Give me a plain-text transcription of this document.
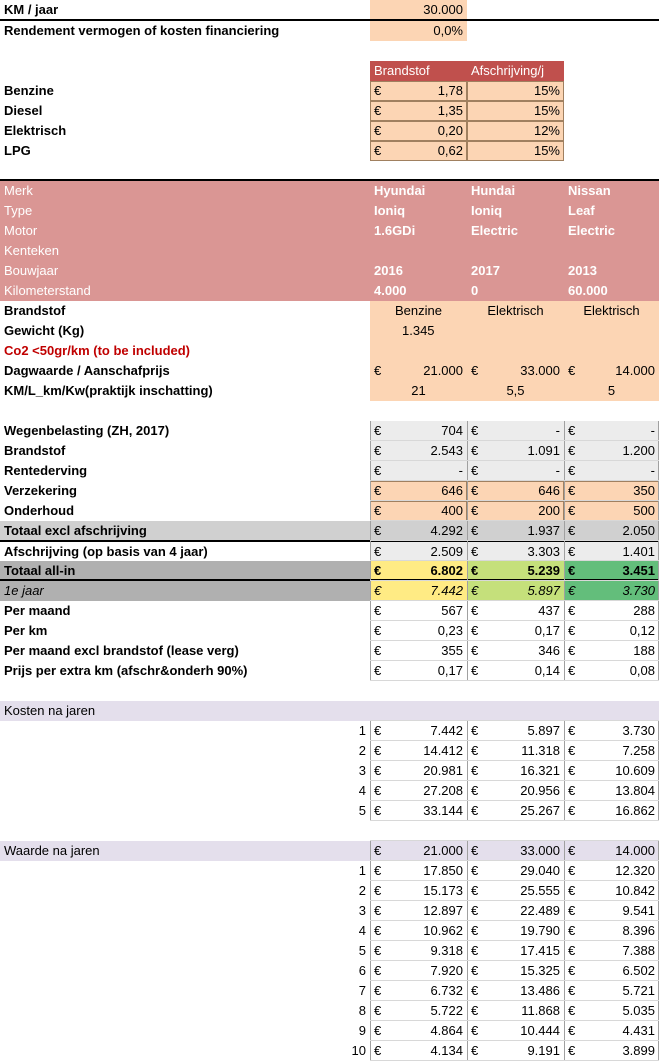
KM / jaar	30.000
Rendement vermogen of kosten financiering	0,0%
Brandstof	Afschrijving/j
Benzine	€	1,78	15%
Diesel	€	1,35	15%
Elektrisch	€	0,20	12%
LPG	€	0,62	15%
Merk	Hyundai	Hundai	Nissan
Type	Ioniq	Ioniq	Leaf
Motor	1.6GDi	Electric	Electric
Kenteken
Bouwjaar	2016	2017	2013
Kilometerstand	4.000	0	60.000
Brandstof	Benzine	Elektrisch	Elektrisch
Gewicht (Kg)	1.345
Co2 <50gr/km (to be included)
Dagwaarde / Aanschafprijs	€	21.000 €	33.000 €	14.000
KM/L_km/Kw(praktijk inschatting)	21	5,5	5
Wegenbelasting (ZH, 2017)	€	704 €	- €	-
Brandstof	€	2.543 €	1.091 €	1.200
Rentederving	€	- €	- €	-
Verzekering	€	646 €	646 €	350
Onderhoud	€	400 €	200 €	500
Totaal excl afschrijving	€	4.292 €	1.937 €	2.050
Afschrijving (op basis van 4 jaar)	€	2.509 €	3.303 €	1.401
Totaal all-in	€	6.802 €	5.239 €	3.451
1e jaar	€	7.442 €	5.897 €	3.730
Per maand	€	567 €	437 €	288
Per km	€	0,23 €	0,17 €	0,12
Per maand excl brandstof (lease verg)	€	355 €	346 €	188
Prijs per extra km (afschr&onderh 90%)	€	0,17 €	0,14 €	0,08
Kosten na jaren
1 €	7.442 €	5.897 €	3.730
2 €	14.412 €	11.318 €	7.258
3 €	20.981 €	16.321 €	10.609
4 €	27.208 €	20.956 €	13.804
5 €	33.144 €	25.267 €	16.862
Waarde na jaren	€	21.000 €	33.000 €	14.000
1 €	17.850 €	29.040 €	12.320
2 €	15.173 €	25.555 €	10.842
3 €	12.897 €	22.489 €	9.541
4 €	10.962 €	19.790 €	8.396
5 €	9.318 €	17.415 €	7.388
6 €	7.920 €	15.325 €	6.502
7 €	6.732 €	13.486 €	5.721
8 €	5.722 €	11.868 €	5.035
9 €	4.864 €	10.444 €	4.431
10 €	4.134 €	9.191 €	3.899
